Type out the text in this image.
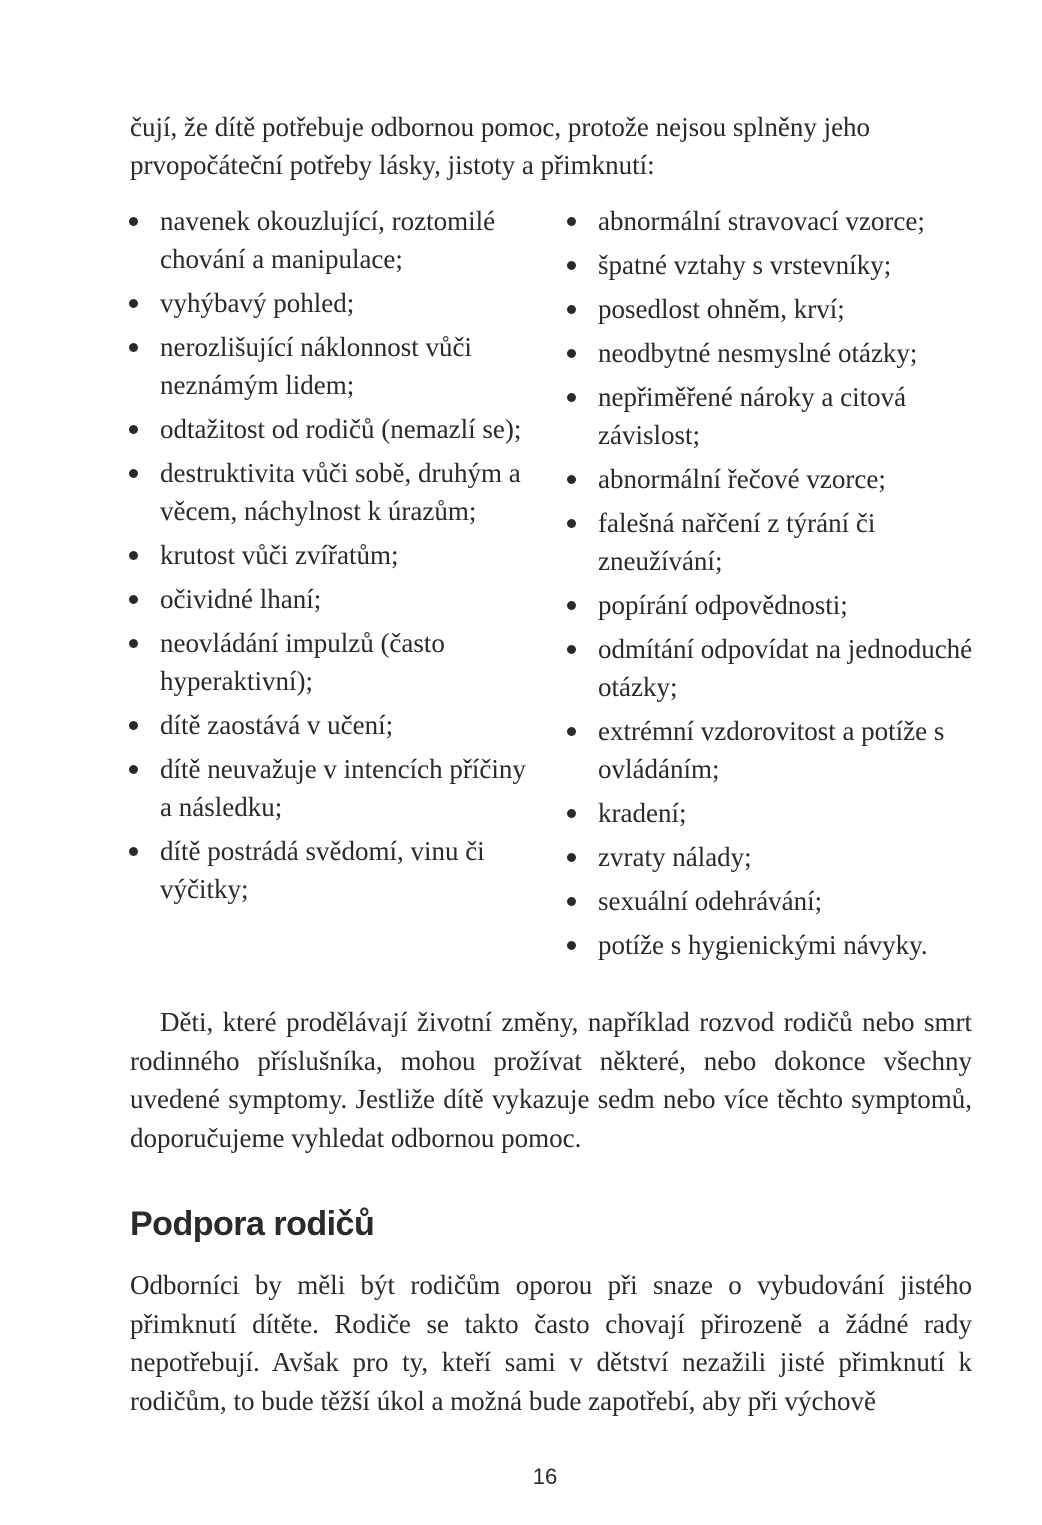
čují, že dítě potřebuje odbornou pomoc, protože nejsou splněny jeho prvopočáteční potřeby lásky, jistoty a přimknutí:

navenek okouzlující, roztomilé chování a manipulace;
vyhýbavý pohled;
nerozlišující náklonnost vůči neznámým lidem;
odtažitost od rodičů (nemazlí se);
destruktivita vůči sobě, druhým a věcem, náchylnost k úrazům;
krutost vůči zvířatům;
očividné lhaní;
neovládání impulzů (často hyperaktivní);
dítě zaostává v učení;
dítě neuvažuje v intencích příčiny a následku;
dítě postrádá svědomí, vinu či výčitky;
abnormální stravovací vzorce;
špatné vztahy s vrstevníky;
posedlost ohněm, krví;
neodbytné nesmyslné otázky;
nepřiměřené nároky a citová závislost;
abnormální řečové vzorce;
falešná nařčení z týrání či zneužívání;
popírání odpovědnosti;
odmítání odpovídat na jednoduché otázky;
extrémní vzdorovitost a potíže s ovládáním;
kradení;
zvraty nálady;
sexuální odehrávání;
potíže s hygienickými návyky.

Děti, které prodělávají životní změny, například rozvod rodičů nebo smrt rodinného příslušníka, mohou prožívat některé, nebo dokonce všechny uvedené symptomy. Jestliže dítě vykazuje sedm nebo více těchto symptomů, doporučujeme vyhledat odbornou pomoc.

Podpora rodičů

Odborníci by měli být rodičům oporou při snaze o vybudování jistého přimknutí dítěte. Rodiče se takto často chovají přirozeně a žádné rady nepotřebují. Avšak pro ty, kteří sami v dětství nezažili jisté přimknutí k rodičům, to bude těžší úkol a možná bude zapotřebí, aby při výchově

16
